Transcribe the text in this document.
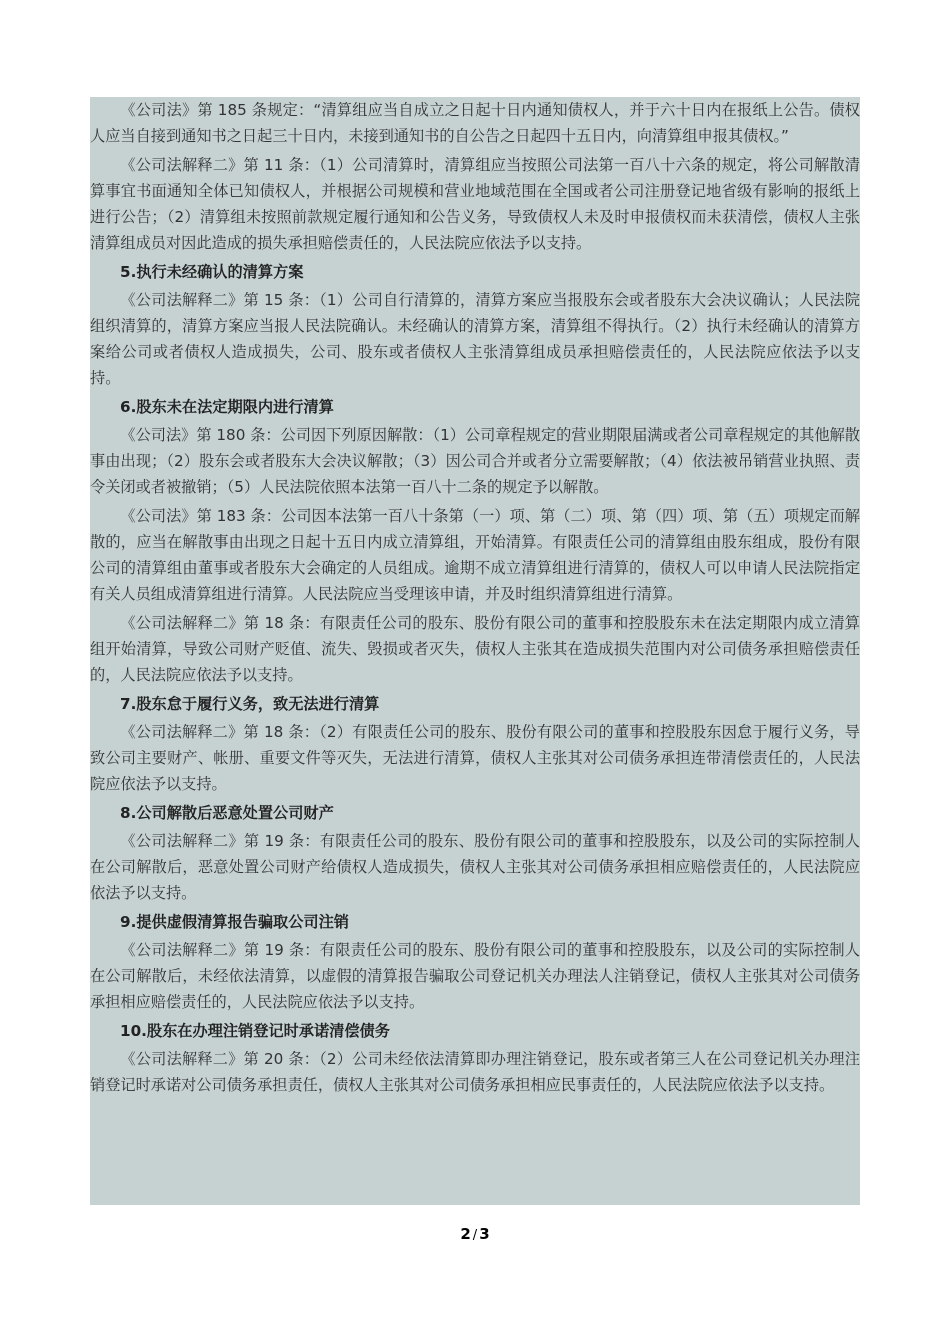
《公司法》第 185 条规定：“清算组应当自成立之日起十日内通知债权人，并于六十日内在报纸上公告。债权人应当自接到通知书之日起三十日内，未接到通知书的自公告之日起四十五日内，向清算组申报其债权。”

《公司法解释二》第 11 条：（1）公司清算时，清算组应当按照公司法第一百八十六条的规定，将公司解散清算事宜书面通知全体已知债权人，并根据公司规模和营业地域范围在全国或者公司注册登记地省级有影响的报纸上进行公告；（2）清算组未按照前款规定履行通知和公告义务，导致债权人未及时申报债权而未获清偿，债权人主张清算组成员对因此造成的损失承担赔偿责任的，人民法院应依法予以支持。

5.执行未经确认的清算方案

《公司法解释二》第 15 条：（1）公司自行清算的，清算方案应当报股东会或者股东大会决议确认；人民法院组织清算的，清算方案应当报人民法院确认。未经确认的清算方案，清算组不得执行。（2）执行未经确认的清算方案给公司或者债权人造成损失，公司、股东或者债权人主张清算组成员承担赔偿责任的，人民法院应依法予以支持。

6.股东未在法定期限内进行清算

《公司法》第 180 条：公司因下列原因解散：（1）公司章程规定的营业期限届满或者公司章程规定的其他解散事由出现；（2）股东会或者股东大会决议解散；（3）因公司合并或者分立需要解散；（4）依法被吊销营业执照、责令关闭或者被撤销；（5）人民法院依照本法第一百八十二条的规定予以解散。

《公司法》第 183 条：公司因本法第一百八十条第（一）项、第（二）项、第（四）项、第（五）项规定而解散的，应当在解散事由出现之日起十五日内成立清算组，开始清算。有限责任公司的清算组由股东组成，股份有限公司的清算组由董事或者股东大会确定的人员组成。逾期不成立清算组进行清算的，债权人可以申请人民法院指定有关人员组成清算组进行清算。人民法院应当受理该申请，并及时组织清算组进行清算。

《公司法解释二》第 18 条：有限责任公司的股东、股份有限公司的董事和控股股东未在法定期限内成立清算组开始清算，导致公司财产贬值、流失、毁损或者灭失，债权人主张其在造成损失范围内对公司债务承担赔偿责任的，人民法院应依法予以支持。

7.股东怠于履行义务，致无法进行清算

《公司法解释二》第 18 条：（2）有限责任公司的股东、股份有限公司的董事和控股股东因怠于履行义务，导致公司主要财产、帐册、重要文件等灭失，无法进行清算，债权人主张其对公司债务承担连带清偿责任的，人民法院应依法予以支持。

8.公司解散后恶意处置公司财产

《公司法解释二》第 19 条：有限责任公司的股东、股份有限公司的董事和控股股东，以及公司的实际控制人在公司解散后，恶意处置公司财产给债权人造成损失，债权人主张其对公司债务承担相应赔偿责任的，人民法院应依法予以支持。

9.提供虚假清算报告骗取公司注销

《公司法解释二》第 19 条：有限责任公司的股东、股份有限公司的董事和控股股东，以及公司的实际控制人在公司解散后，未经依法清算，以虚假的清算报告骗取公司登记机关办理法人注销登记，债权人主张其对公司债务承担相应赔偿责任的，人民法院应依法予以支持。

10.股东在办理注销登记时承诺清偿债务

《公司法解释二》第 20 条：（2）公司未经依法清算即办理注销登记，股东或者第三人在公司登记机关办理注销登记时承诺对公司债务承担责任，债权人主张其对公司债务承担相应民事责任的，人民法院应依法予以支持。

2 / 3
